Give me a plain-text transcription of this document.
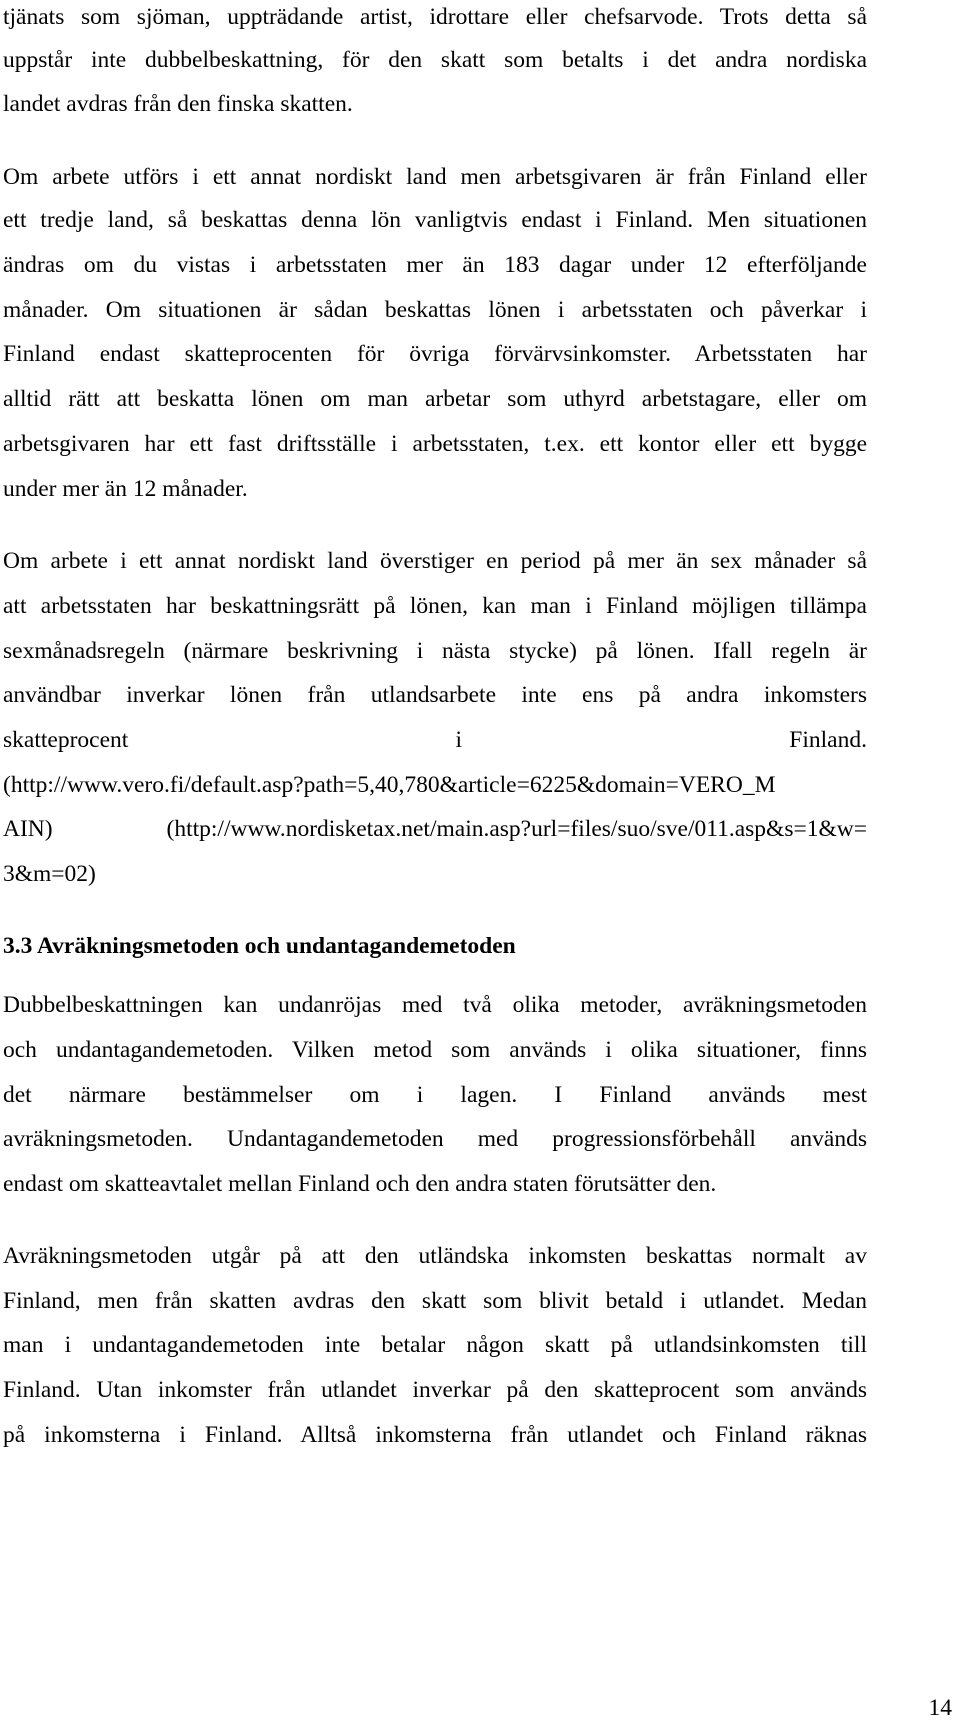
tjänats som sjöman, uppträdande artist, idrottare eller chefsarvode. Trots detta så
uppstår inte dubbelbeskattning, för den skatt som betalts i det andra nordiska
landet avdras från den finska skatten.
Om arbete utförs i ett annat nordiskt land men arbetsgivaren är från Finland eller
ett tredje land, så beskattas denna lön vanligtvis endast i Finland. Men situationen
ändras om du vistas i arbetsstaten mer än 183 dagar under 12 efterföljande
månader. Om situationen är sådan beskattas lönen i arbetsstaten och påverkar i
Finland endast skatteprocenten för övriga förvärvsinkomster. Arbetsstaten har
alltid rätt att beskatta lönen om man arbetar som uthyrd arbetstagare, eller om
arbetsgivaren har ett fast driftsställe i arbetsstaten, t.ex. ett kontor eller ett bygge
under mer än 12 månader.
Om arbete i ett annat nordiskt land överstiger en period på mer än sex månader så
att arbetsstaten har beskattningsrätt på lönen, kan man i Finland möjligen tillämpa
sexmånadsregeln (närmare beskrivning i nästa stycke) på lönen. Ifall regeln är
användbar inverkar lönen från utlandsarbete inte ens på andra inkomsters
skatteprocent i Finland.
(http://www.vero.fi/default.asp?path=5,40,780&article=6225&domain=VERO_M
AIN) (http://www.nordisketax.net/main.asp?url=files/suo/sve/011.asp&s=1&w=
3&m=02)
3.3 Avräkningsmetoden och undantagandemetoden
Dubbelbeskattningen kan undanröjas med två olika metoder, avräkningsmetoden
och undantagandemetoden. Vilken metod som används i olika situationer, finns
det närmare bestämmelser om i lagen. I Finland används mest
avräkningsmetoden. Undantagandemetoden med progressionsförbehåll används
endast om skatteavtalet mellan Finland och den andra staten förutsätter den.
Avräkningsmetoden utgår på att den utländska inkomsten beskattas normalt av
Finland, men från skatten avdras den skatt som blivit betald i utlandet. Medan
man i undantagandemetoden inte betalar någon skatt på utlandsinkomsten till
Finland. Utan inkomster från utlandet inverkar på den skatteprocent som används
på inkomsterna i Finland. Alltså inkomsterna från utlandet och Finland räknas
14
